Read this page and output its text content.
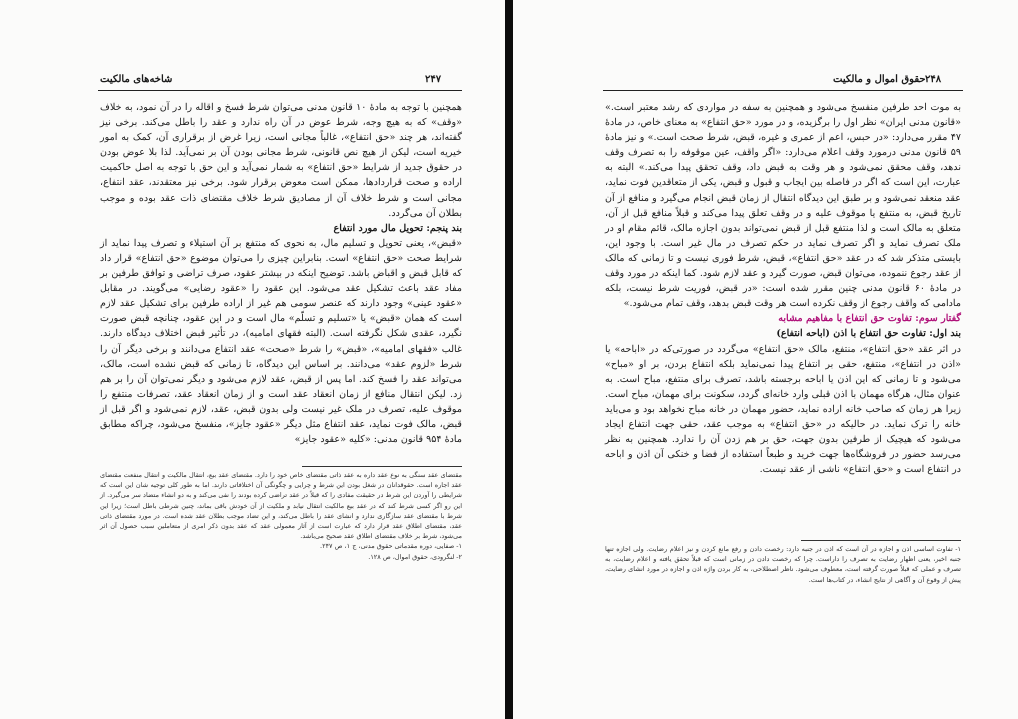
شاخه‌های مالکیت	۲۴۷

همچنین با توجه به مادهٔ ۱۰ قانون مدنی می‌توان شرط فسخ و اقاله را در آن نمود، به خلاف «وقف» که به هیچ وجه، شرط عوض در آن راه ندارد و عقد را باطل می‌کند. برخی نیز گفته‌اند، هر چند «حق انتفاع»، غالباً مجانی است، زیرا غرض از برقراری آن، کمک به امور خیریه است، لیکن از هیچ نص قانونی، شرط مجانی بودن آن بر نمی‌آید. لذا بلا عوض بودن در حقوق جدید از شرایط «حق انتفاع» به شمار نمی‌آید و این حق با توجه به اصل حاکمیت اراده و صحت قراردادها، ممکن است معوض برقرار شود. برخی نیز معتقدند، عقد انتفاع، مجانی است و شرط خلاف آن از مصادیق شرط خلاف مقتضای ذات عقد بوده و موجب بطلان آن می‌گردد.

بند پنجم: تحویل مال مورد انتفاع

«قبض»، یعنی تحویل و تسلیم مال، به نحوی که منتفع بر آن استیلاء و تصرف پیدا نماید از شرایط صحت «حق انتفاع» است. بنابراین چیزی را می‌توان موضوع «حق انتفاع» قرار داد که قابل قبض و اقباض باشد. توضیح اینکه در بیشتر عقود، صرف تراضی و توافق طرفین بر مفاد عقد باعث تشکیل عقد می‌شود. این عقود را «عقود رضایی» می‌گویند. در مقابل «عقود عینی» وجود دارند که عنصر سومی هم غیر از اراده طرفین برای تشکیل عقد لازم است که همان «قبض» یا «تسلیم و تسلّم» مال است و در این عقود، چنانچه قبض صورت نگیرد، عقدی شکل نگرفته است. (البته فقهای امامیه)، در تأثیر قبض اختلاف دیدگاه دارند. غالب «فقهای امامیه»، «قبض» را شرط «صحت» عقد انتفاع می‌دانند و برخی دیگر آن را شرط «لزوم عقد» می‌دانند. بر اساس این دیدگاه، تا زمانی که قبض نشده است، مالک، می‌تواند عقد را فسخ کند. اما پس از قبض، عقد لازم می‌شود و دیگر نمی‌توان آن را بر هم زد. لیکن انتقال منافع از زمان انعقاد عقد است و از زمان انعقاد عقد، تصرفات منتفع را موقوف علیه، تصرف در ملک غیر نیست ولی بدون قبض، عقد، لازم نمی‌شود و اگر قبل از قبض، مالک فوت نماید، عقد انتفاع مثل دیگر «عقود جایز»، منفسخ می‌شود، چراکه مطابق مادهٔ ۹۵۴ قانون مدنی: «کلیه «عقود جایز»

مقتضای عقد سنگی به نوع عقد داره به عقد ذاتی مقتضای خاص خود را دارد. مقتضای عقد بیع، انتقال مالکیت و انتقال منفعت مقتضای عقد اجاره است. حقوقدانان در شغل بودن این شرط و چرایی و چگونگی آن اختلافاتی دارند. اما به طور کلی توجیه شان این است که شرایطی را آوردن این شرط در حقیقت مفادی را که قبلاً در عقد تراضی کرده بودند را نفی می‌کند و به دو انشاء متضاد سر می‌گیرد. از این رو اگر کسی شرط کند که در عقد بیع مالکیت انتقال نیابد و ملکیت از آن خودش باقی بماند، چنین شرطی باطل است؛ زیرا این شرط با مقتضای عقد سازگاری ندارد و انشای عقد را باطل می‌کند، و این تضاد موجب بطلان عقد شده است. در مورد مقتضای ذاتی عقد، مقتضای اطلاق عقد قرار دارد که عبارت است از آثار معمولی عقد که عقد بدون ذکر امری از متعاملین سبب حصول آن اثر می‌شود، شرط بر خلاف مقتضای اطلاق عقد صحیح می‌باشد.

۱- صفایی، دوره مقدماتی حقوق مدنی، ج ۱، ص ۲۴۷.

۲- لنگرودی، حقوق اموال، ص ۱۲۸.

حقوق اموال و مالکیت ۲۴۸

به موت احد طرفین منفسخ می‌شود و همچنین به سفه در مواردی که رشد معتبر است.» «قانون مدنی ایران» نظر اول را برگزیده، و در مورد «حق انتفاع» به معنای خاص، در مادهٔ ۴۷ مقرر می‌دارد: «در حبس، اعم از عمری و غیره، قبض، شرط صحت است.» و نیز مادهٔ ۵۹ قانون مدنی درمورد وقف اعلام می‌دارد: «اگر واقف، عین موقوفه را به تصرف وقف ندهد، وقف محقق نمی‌شود و هر وقت به قبض داد، وقف تحقق پیدا می‌کند.» البته به عبارت، این است که اگر در فاصله بین ایجاب و قبول و قبض، یکی از متعاقدین فوت نماید، عقد منعقد نمی‌شود و بر طبق این دیدگاه انتقال از زمان قبض انجام می‌گیرد و منافع از آن تاریخ قبض، به منتفع یا موقوف علیه و در وقف تعلق پیدا می‌کند و قبلاً منافع قبل از آن، متعلق به مالک است و لذا منتفع قبل از قبض نمی‌تواند بدون اجازه مالک، قائم مقام او در ملک تصرف نماید و اگر تصرف نماید در حکم تصرف در مال غیر است. با وجود این، بایستی متذکر شد که در عقد «حق انتفاع»، قبض، شرط فوری نیست و تا زمانی که مالک از عقد رجوع ننموده، می‌توان قبض، صورت گیرد و عقد لازم شود. کما اینکه در مورد وقف در مادهٔ ۶۰ قانون مدنی چنین مقرر شده است: «در قبض، فوریت شرط نیست، بلکه مادامی که واقف رجوع از وقف نکرده است هر وقت قبض بدهد، وقف تمام می‌شود.»

گفتار سوم: تفاوت حق انتفاع با مفاهیم مشابه

بند اول: تفاوت حق انتفاع با اذن (اباحه انتفاع)

در اثر عقد «حق انتفاع»، منتفع، مالک «حق انتفاع» می‌گردد در صورتی‌که در «اباحه» یا «اذن در انتفاع»، منتفع، حقی بر انتفاع پیدا نمی‌نماید بلکه انتفاع بردن، بر او «مباح» می‌شود و تا زمانی که این اذن یا اباحه برجسته باشد، تصرف برای منتفع، مباح است. به عنوان مثال، هرگاه مهمان با اذن قبلی وارد خانه‌ای گردد، سکونت برای مهمان، مباح است. زیرا هر زمان که صاحب خانه اراده نماید، حضور مهمان در خانه مباح نخواهد بود و می‌باید خانه را ترک نماید. در حالیکه در «حق انتفاع» به موجب عقد، حقی جهت انتفاع ایجاد می‌شود که هیچیک از طرفین بدون جهت، حق بر هم زدن آن را ندارد. همچنین به نظر می‌رسد حضور در فروشگاه‌ها جهت خرید و طبعاً استفاده از فضا و خنکی آن اذن و اباحه در انتفاع است و «حق انتفاع» ناشی از عقد نیست.

۱- تفاوت اساسی اذن و اجازه در آن است که اذن در جنبه دارد: رخصت دادن و رفع مانع کردن و نیز اعلام رضایت. ولی اجازه تنها جنبه اخیر، یعنی اظهار رضایت به تصرف را داراست. چرا که رخصت دادن در زمانی است که قبلاً تحقق یافته و اعلام رضایت، به تصرف و عملی که قبلاً صورت گرفته است، معطوف می‌شود. ناظر اصطلاحی، به کار بردن واژه اذن و اجازه در مورد انشای رضایت، پیش از وقوع آن و آگاهی از نتایج انشاء، در کتاب‌ها است.
